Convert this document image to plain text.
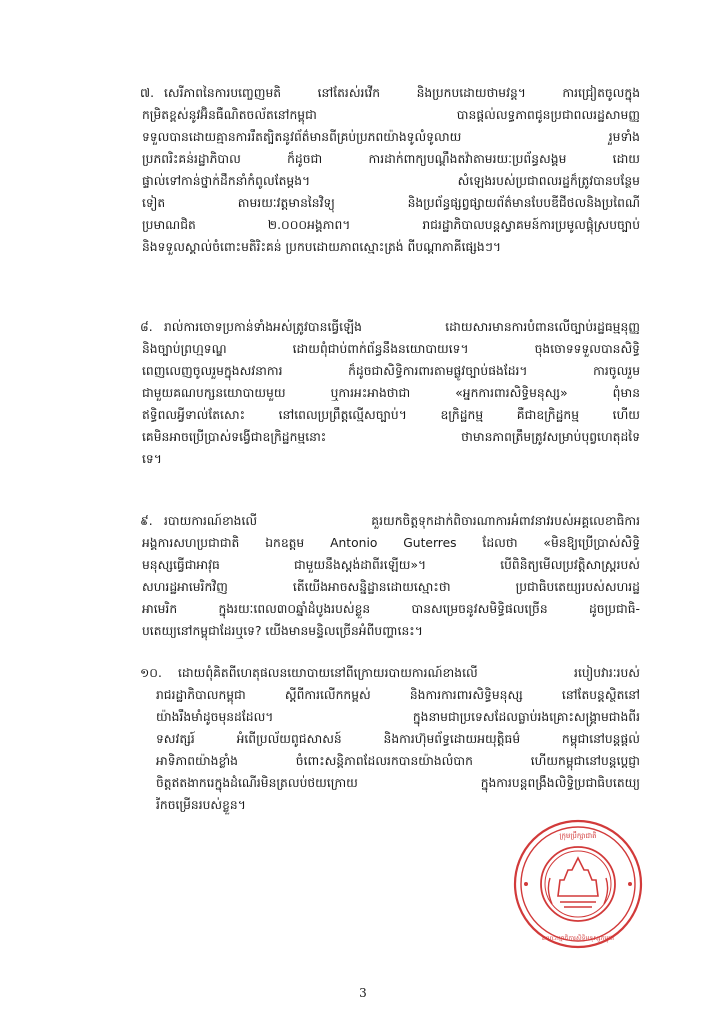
៧. សេរីភាពនៃការបញ្ចេញមតិ នៅតែរស់រវើក និងប្រកបដោយថាមវន្ត។ ការជ្រៀតចូលក្នុង
កម្រិតខ្ពស់នូវអ៊ិនធឺណិតចល័តនៅកម្ពុជា បានផ្តល់លទ្ធភាពជូនប្រជាពលរដ្ឋសាមញ្ញ
ទទួលបានដោយគ្មានការរឹតត្បិតនូវព័ត៌មានពីគ្រប់ប្រភពយ៉ាងទូលំទូលាយ រួមទាំង
ប្រភពរិះគន់រដ្ឋាភិបាល ក៏ដូចជា ការដាក់ពាក្យបណ្តឹងតវ៉ាតាមរយៈប្រព័ន្ធសង្គម ដោយ
ផ្ទាល់ទៅកាន់ថ្នាក់ដឹកនាំកំពូលតែម្តង។ សំឡេងរបស់ប្រជាពលរដ្ឋក៏ត្រូវបានបន្ថែម
ទៀត តាមរយៈវត្តមាននៃវិទ្យុ និងប្រព័ន្ធផ្សព្វផ្សាយព័ត៌មានបែបឌីជីថលនិងប្រពៃណី
ប្រមាណជិត ២.០០០អង្គភាព។ រាជរដ្ឋាភិបាលបន្តស្វាគមន៍ការប្រមូលផ្តុំស្របច្បាប់
និងទទួលស្គាល់ចំពោះមតិរិះគន់ ប្រកបដោយភាពស្មោះត្រង់ ពីបណ្តាភាគីផ្សេងៗ។
៨. រាល់ការចោទប្រកាន់ទាំងអស់ត្រូវបានធ្វើឡើង ដោយសារមានការបំពានលើច្បាប់រដ្ឋធម្មនុញ្ញ
និងច្បាប់ព្រហ្មទណ្ឌ ដោយពុំជាប់ពាក់ព័ន្ធនឹងនយោបាយទេ។ ចុងចោទទទួលបានសិទ្ធិ
ពេញលេញចូលរួមក្នុងសវនាការ ក៏ដូចជាសិទ្ធិការពារតាមផ្លូវច្បាប់ផងដែរ។ ការចូលរួម
ជាមួយគណបក្សនយោបាយមួយ ឬការអះអាងថាជា «អ្នកការពារសិទ្ធិមនុស្ស» ពុំមាន
ឥទ្ធិពលអ្វីទាល់តែសោះ នៅពេលប្រព្រឹត្តល្មើសច្បាប់។ ឧក្រិដ្ឋកម្ម គឺជាឧក្រិដ្ឋកម្ម ហើយ
គេមិនអាចប្រើប្រាស់ទង្វើជាឧក្រិដ្ឋកម្មនោះ ថាមានភាពត្រឹមត្រូវសម្រាប់បុព្វហេតុដទៃ
ទេ។
៩. របាយការណ៍ខាងលើ គួរយកចិត្តទុកដាក់ពិចារណាការអំពាវនាវរបស់អគ្គលេខាធិការ
អង្គការសហប្រជាជាតិ ឯកឧត្តម Antonio Guterres ដែលថា «មិនឱ្យប្រើប្រាស់សិទ្ធិ
មនុស្សធ្វើជាអាវុធ ជាមួយនឹងស្តង់ដាពីរឡើយ»។ បើពិនិត្យមើលប្រវត្តិសាស្ត្ររបស់
សហរដ្ឋអាមេរិកវិញ តើយើងអាចសន្និដ្ឋានដោយស្មោះថា ប្រជាធិបតេយ្យរបស់សហរដ្ឋ
អាមេរិក ក្នុងរយៈពេល៣០ឆ្នាំដំបូងរបស់ខ្លួន បានសម្រេចនូវសមិទ្ធិផលច្រើន ដូចប្រជាធិ-
បតេយ្យនៅកម្ពុជាដែរឬទេ? យើងមានមន្ទិលច្រើនអំពីបញ្ហានេះ។
១០.	ដោយពុំគិតពីហេតុផលនយោបាយនៅពីក្រោយរបាយការណ៍ខាងលើ របៀបវារៈរបស់
រាជរដ្ឋាភិបាលកម្ពុជា ស្តីពីការលើកកម្ពស់ និងការការពារសិទ្ធិមនុស្ស នៅតែបន្តស្ថិតនៅ
យ៉ាងរឹងមាំដូចមុនដដែល។ ក្នុងនាមជាប្រទេសដែលធ្លាប់រងគ្រោះសង្គ្រាមជាងពីរ
ទសវត្សរ៍ អំពើប្រល័យពូជសាសន៍ និងការហ៊ុមព័ទ្ធដោយអយុត្តិធម៌ កម្ពុជានៅបន្តផ្តល់
អាទិភាពយ៉ាងខ្លាំង ចំពោះសន្តិភាពដែលរកបានយ៉ាងលំបាក ហើយកម្ពុជានៅបន្តប្តេជ្ញា
ចិត្តឥតងាករេក្នុងដំណើរមិនត្រលប់ថយក្រោយ ក្នុងការបន្តពង្រឹងលិទ្ធិប្រជាធិបតេយ្យ
រីកចម្រើនរបស់ខ្លួន។
ក្រុមប្រឹក្សាជាតិ
គណៈកម្មាធិការសិទ្ធិមនុស្សកម្ពុជា
3
